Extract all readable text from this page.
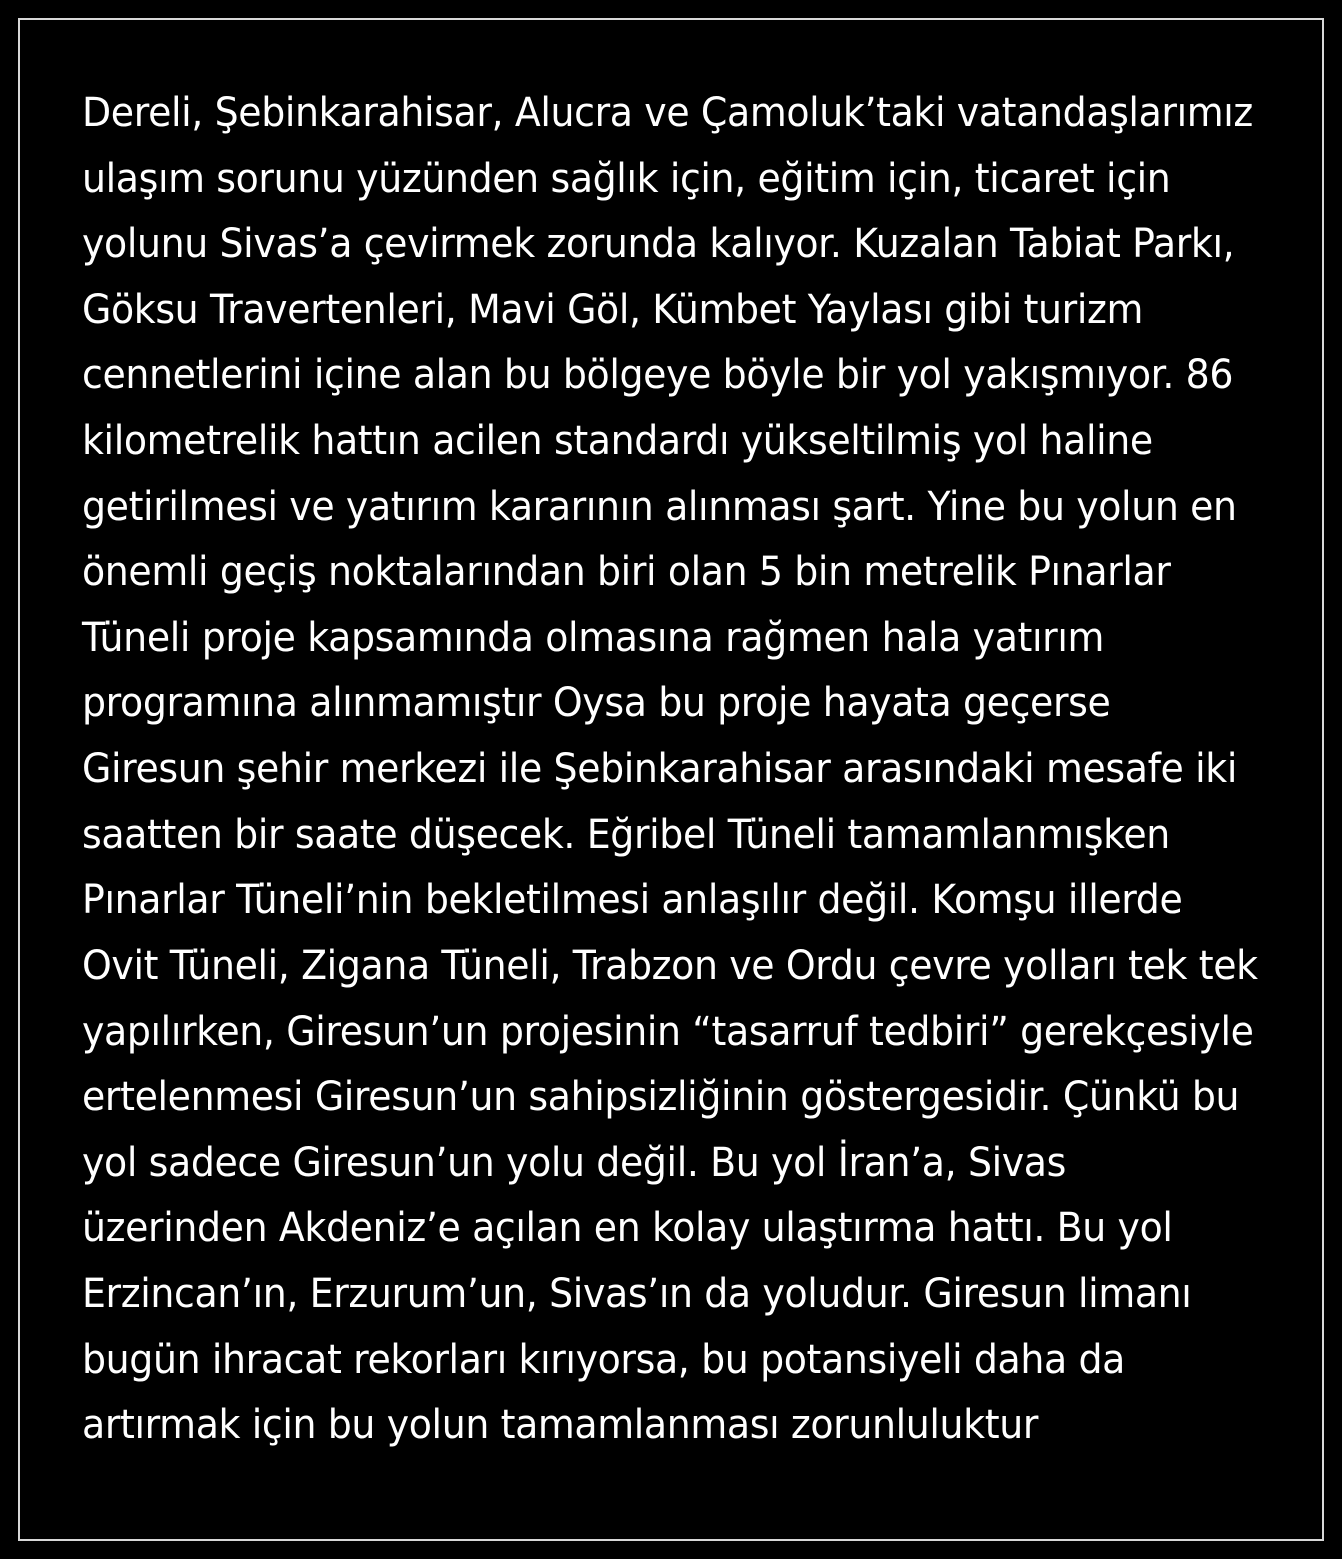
Dereli, Şebinkarahisar, Alucra ve Çamoluk’taki vatandaşlarımız ulaşım sorunu yüzünden sağlık için, eğitim için, ticaret için yolunu Sivas’a çevirmek zorunda kalıyor. Kuzalan Tabiat Parkı, Göksu Travertenleri, Mavi Göl, Kümbet Yaylası gibi turizm cennetlerini içine alan bu bölgeye böyle bir yol yakışmıyor. 86 kilometrelik hattın acilen standardı yükseltilmiş yol haline getirilmesi ve yatırım kararının alınması şart. Yine bu yolun en önemli geçiş noktalarından biri olan 5 bin metrelik Pınarlar Tüneli proje kapsamında olmasına rağmen hala yatırım programına alınmamıştır Oysa bu proje hayata geçerse Giresun şehir merkezi ile Şebinkarahisar arasındaki mesafe iki saatten bir saate düşecek. Eğribel Tüneli tamamlanmışken Pınarlar Tüneli’nin bekletilmesi anlaşılır değil. Komşu illerde Ovit Tüneli, Zigana Tüneli, Trabzon ve Ordu çevre yolları tek tek yapılırken, Giresun’un projesinin “tasarruf tedbiri” gerekçesiyle ertelenmesi Giresun’un sahipsizliğinin göstergesidir. Çünkü bu yol sadece Giresun’un yolu değil. Bu yol İran’a, Sivas üzerinden Akdeniz’e açılan en kolay ulaştırma hattı. Bu yol Erzincan’ın, Erzurum’un, Sivas’ın da yoludur. Giresun limanı bugün ihracat rekorları kırıyorsa, bu potansiyeli daha da artırmak için bu yolun tamamlanması zorunluluktur
